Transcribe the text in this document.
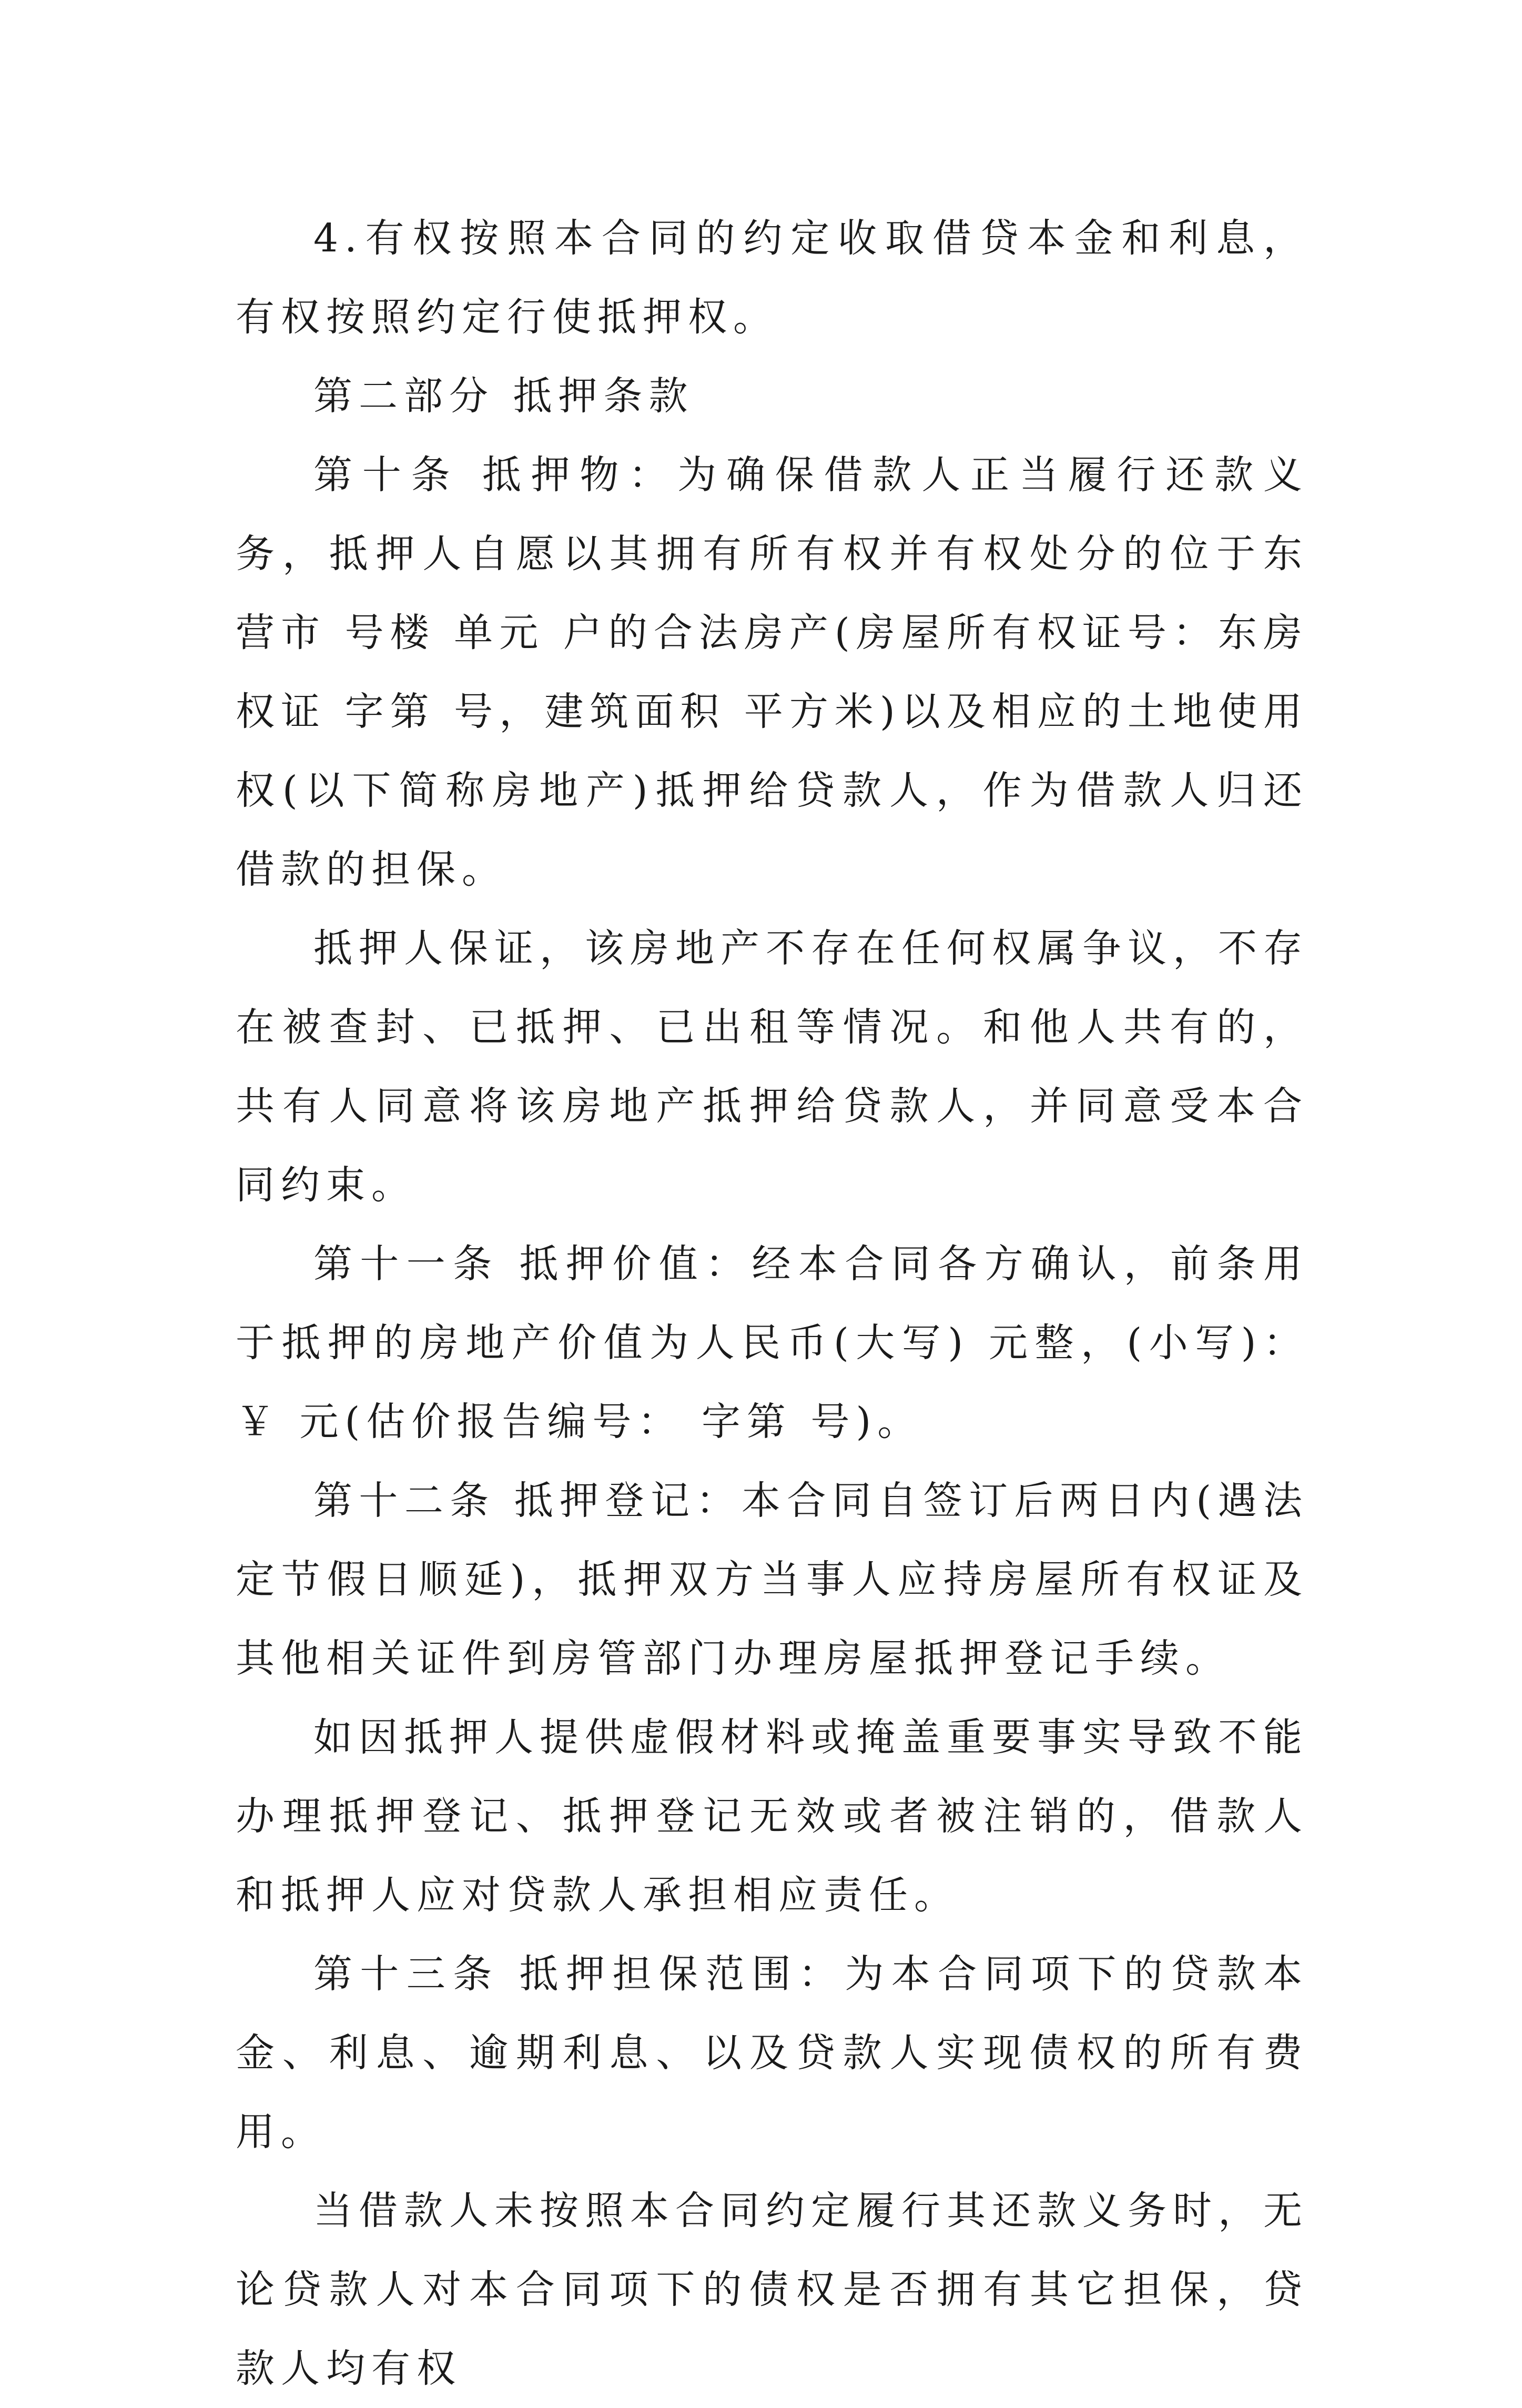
4.有权按照本合同的约定收取借贷本金和利息，有权按照约定行使抵押权。

第二部分 抵押条款

第十条 抵押物：为确保借款人正当履行还款义务，抵押人自愿以其拥有所有权并有权处分的位于东营市 号楼 单元 户的合法房产(房屋所有权证号：东房权证 字第 号，建筑面积 平方米)以及相应的土地使用权(以下简称房地产)抵押给贷款人，作为借款人归还借款的担保。

抵押人保证，该房地产不存在任何权属争议，不存在被查封、已抵押、已出租等情况。和他人共有的，共有人同意将该房地产抵押给贷款人，并同意受本合同约束。

第十一条 抵押价值：经本合同各方确认，前条用于抵押的房地产价值为人民币(大写) 元整，(小写)：￥ 元(估价报告编号： 字第 号)。

第十二条 抵押登记：本合同自签订后两日内(遇法定节假日顺延)，抵押双方当事人应持房屋所有权证及其他相关证件到房管部门办理房屋抵押登记手续。

如因抵押人提供虚假材料或掩盖重要事实导致不能办理抵押登记、抵押登记无效或者被注销的，借款人和抵押人应对贷款人承担相应责任。

第十三条 抵押担保范围：为本合同项下的贷款本金、利息、逾期利息、以及贷款人实现债权的所有费用。

当借款人未按照本合同约定履行其还款义务时，无论贷款人对本合同项下的债权是否拥有其它担保，贷款人均有权
